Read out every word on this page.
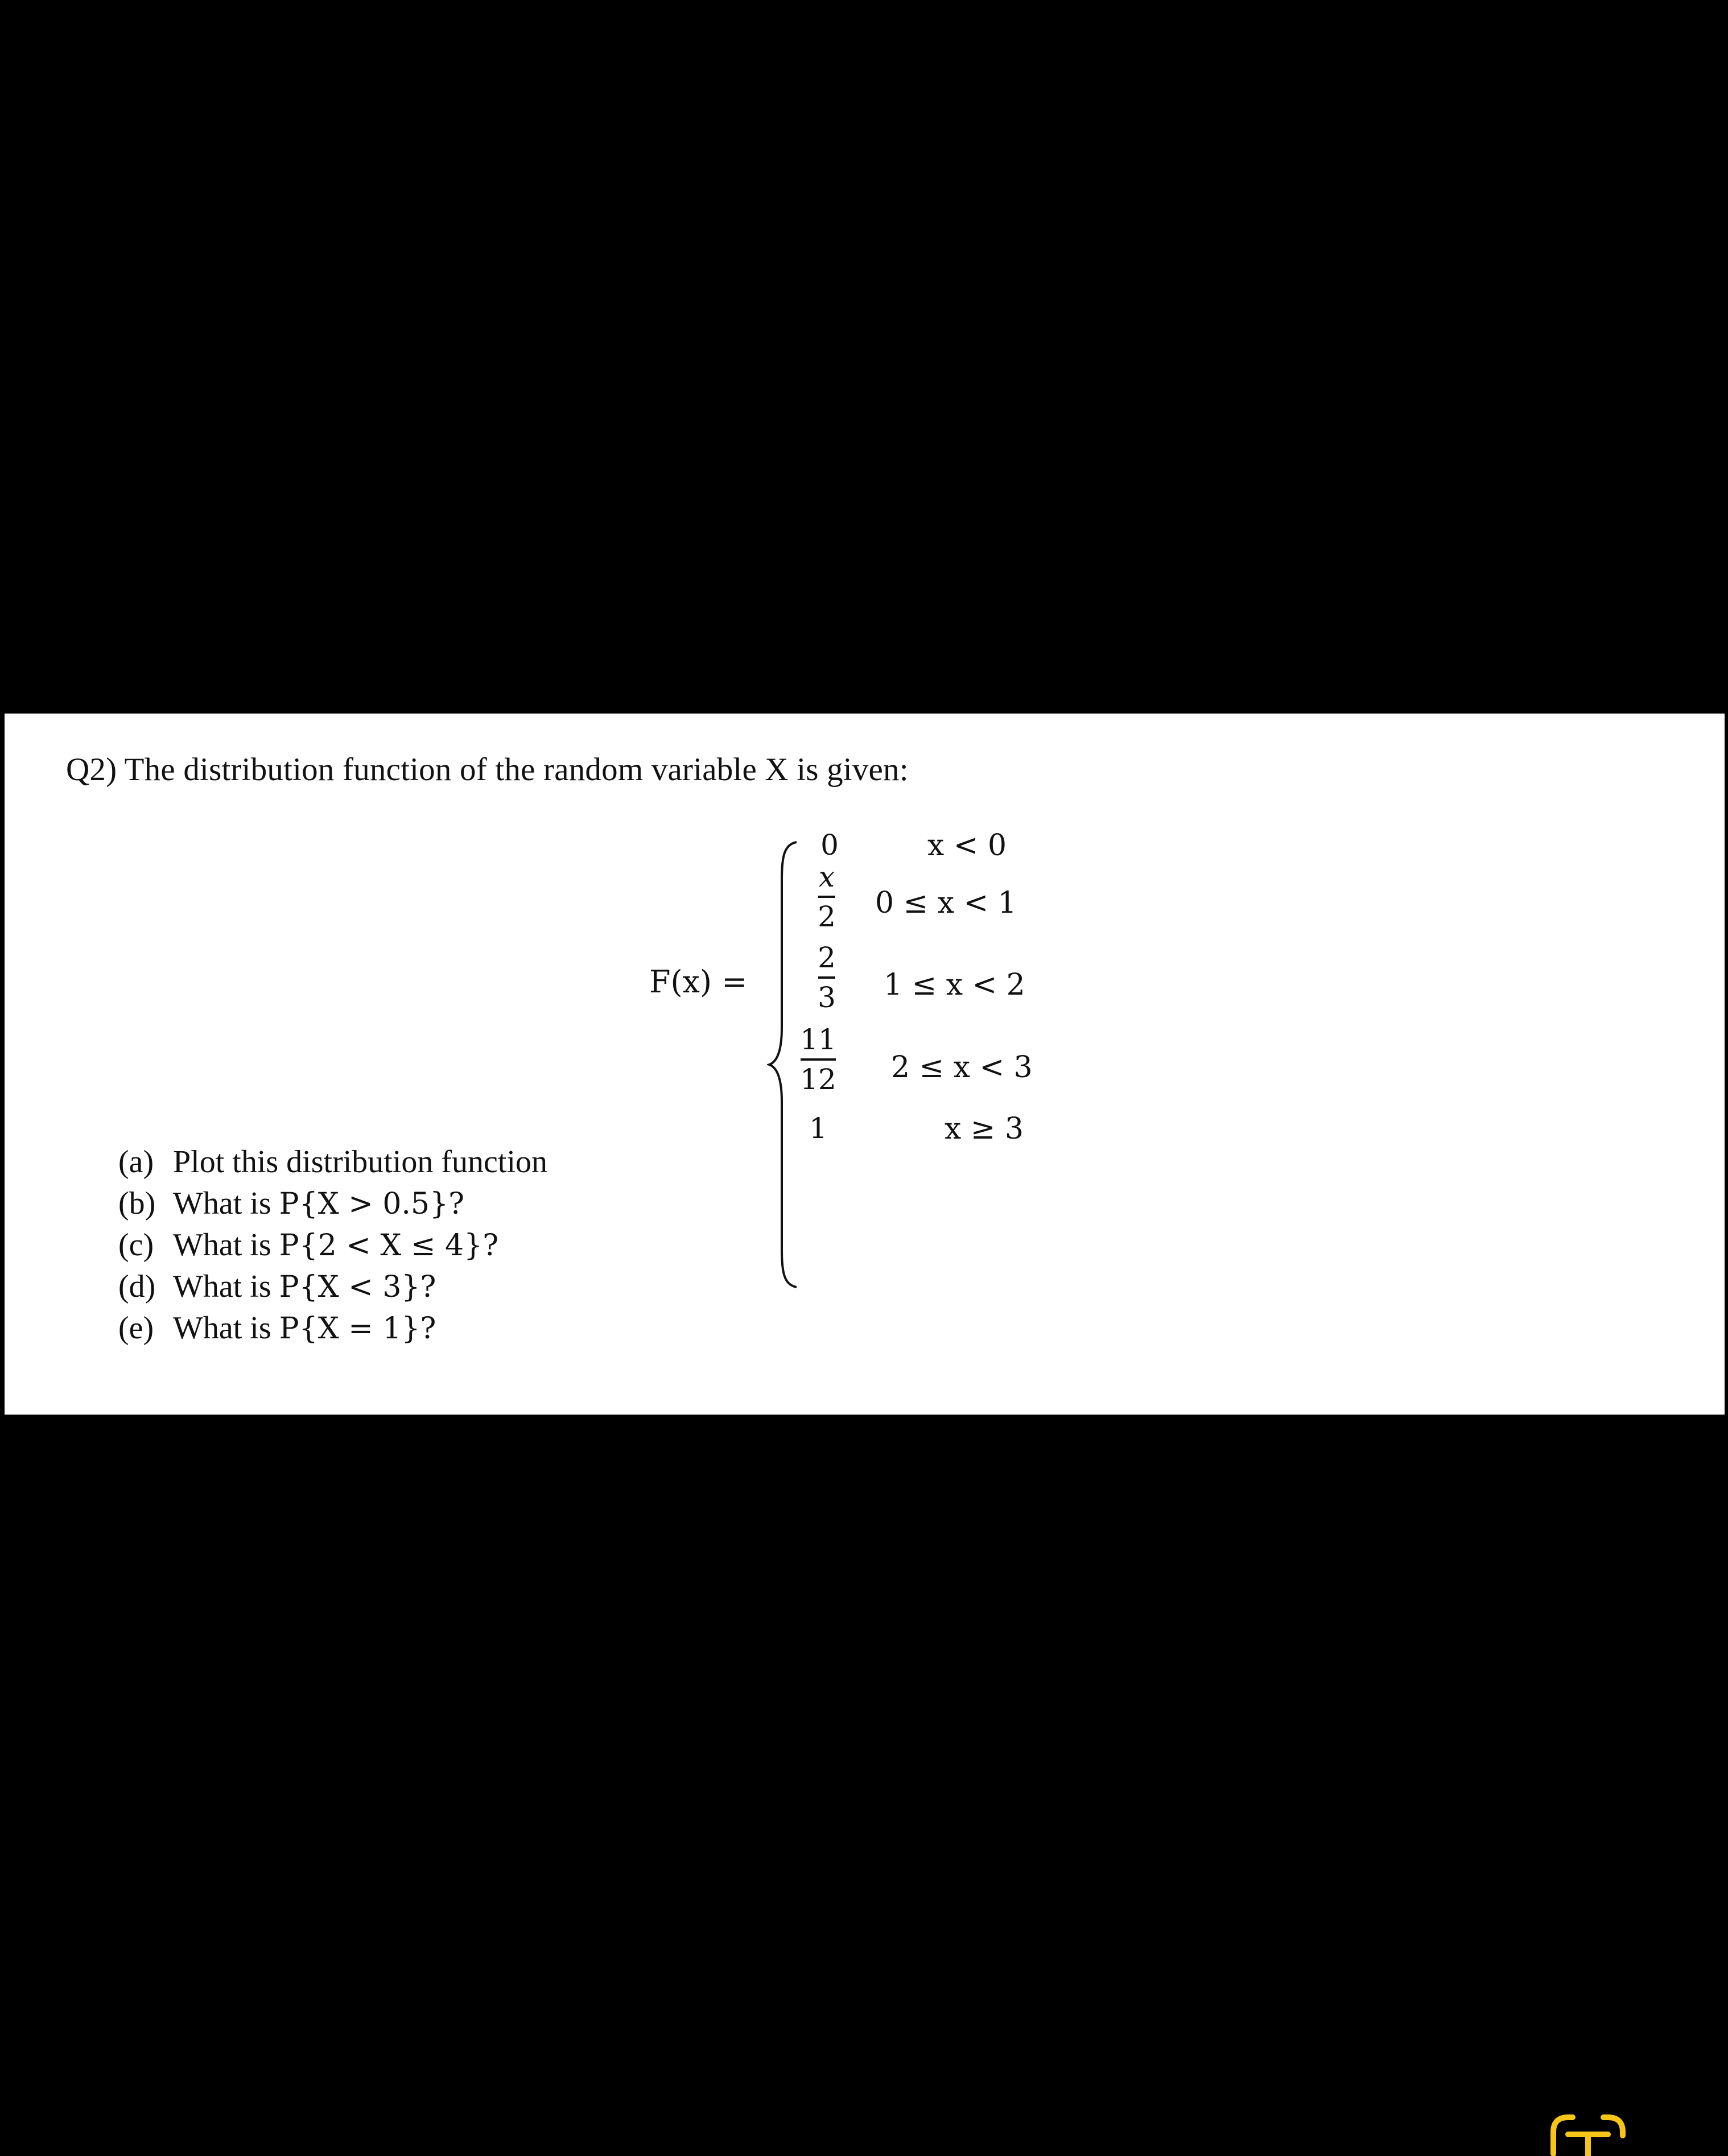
Q2) The distribution function of the random variable X is given:
F(x) =
0	x < 0
x
2 0 ≤ x < 1
2
3 1 ≤ x < 2
11
12 2 ≤ x < 3
1	x ≥ 3
(a) Plot this distribution function
(b) What is P{X > 0.5}?
(c) What is P{2 < X ≤ 4}?
(d) What is P{X < 3}?
(e) What is P{X = 1}?
